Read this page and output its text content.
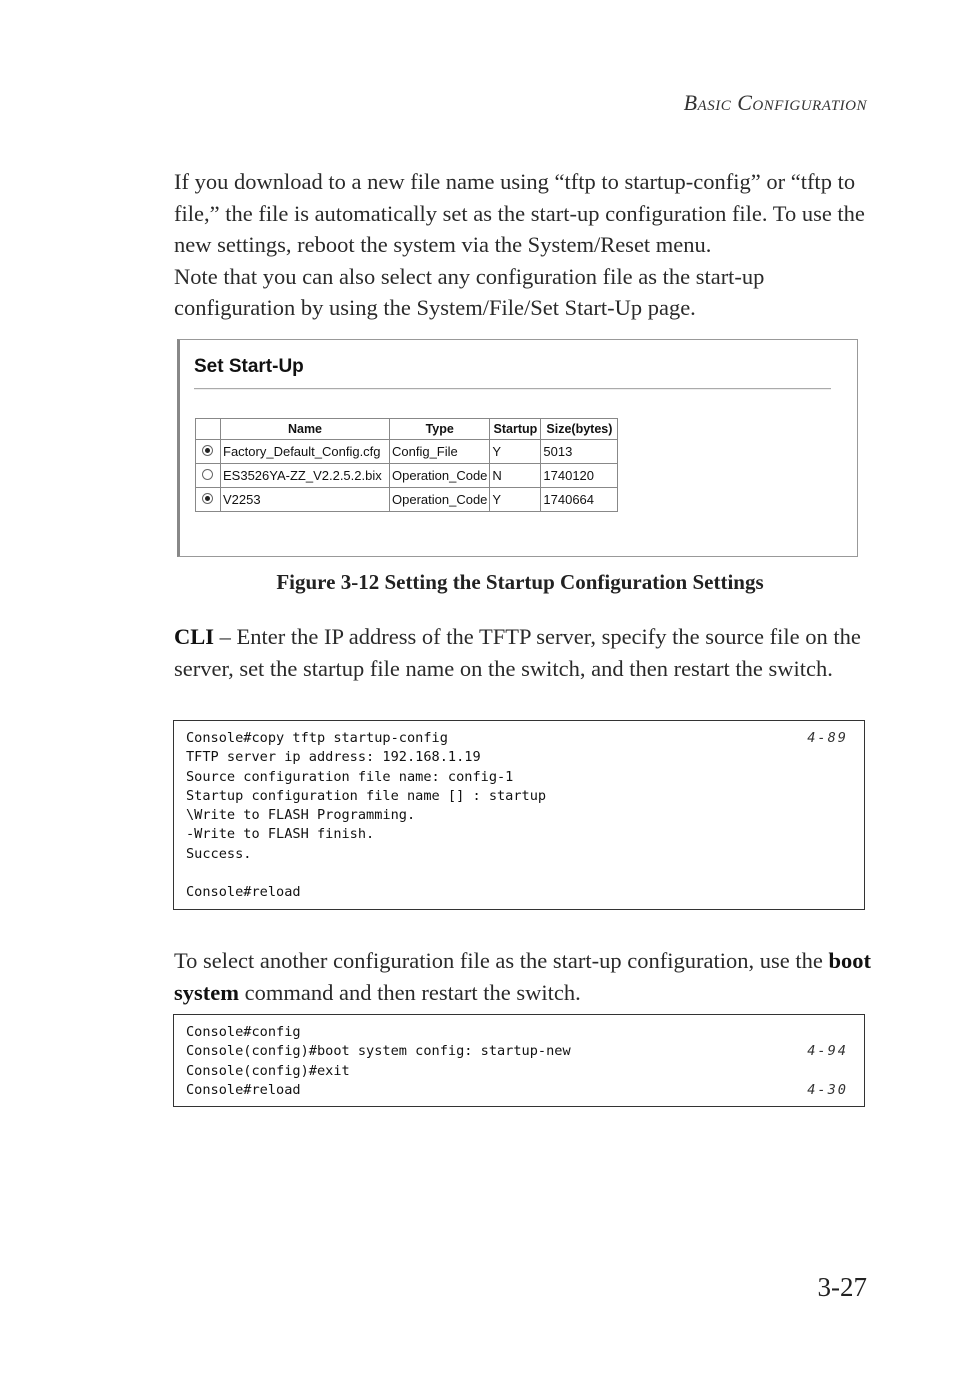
Basic Configuration
If you download to a new file name using “tftp to startup-config” or “tftp to file,” the file is automatically set as the start-up configuration file. To use the new settings, reboot the system via the System/Reset menu.
Note that you can also select any configuration file as the start-up configuration by using the System/File/Set Start-Up page.
Set Start-Up
	Name	Type	Startup	Size(bytes)
	Factory_Default_Config.cfg	Config_File	Y	5013
	ES3526YA-ZZ_V2.2.5.2.bix	Operation_Code	N	1740120
	V2253	Operation_Code	Y	1740664
Figure 3-12 Setting the Startup Configuration Settings
CLI – Enter the IP address of the TFTP server, specify the source file on the server, set the startup file name on the switch, and then restart the switch.
Console#copy tftp startup-config	4-89
TFTP server ip address: 192.168.1.19
Source configuration file name: config-1
Startup configuration file name [] : startup
\Write to FLASH Programming.
-Write to FLASH finish.
Success.
Console#reload
To select another configuration file as the start-up configuration, use the boot system command and then restart the switch.
Console#config
Console(config)#boot system config: startup-new	4-94
Console(config)#exit
Console#reload	4-30
3-27
